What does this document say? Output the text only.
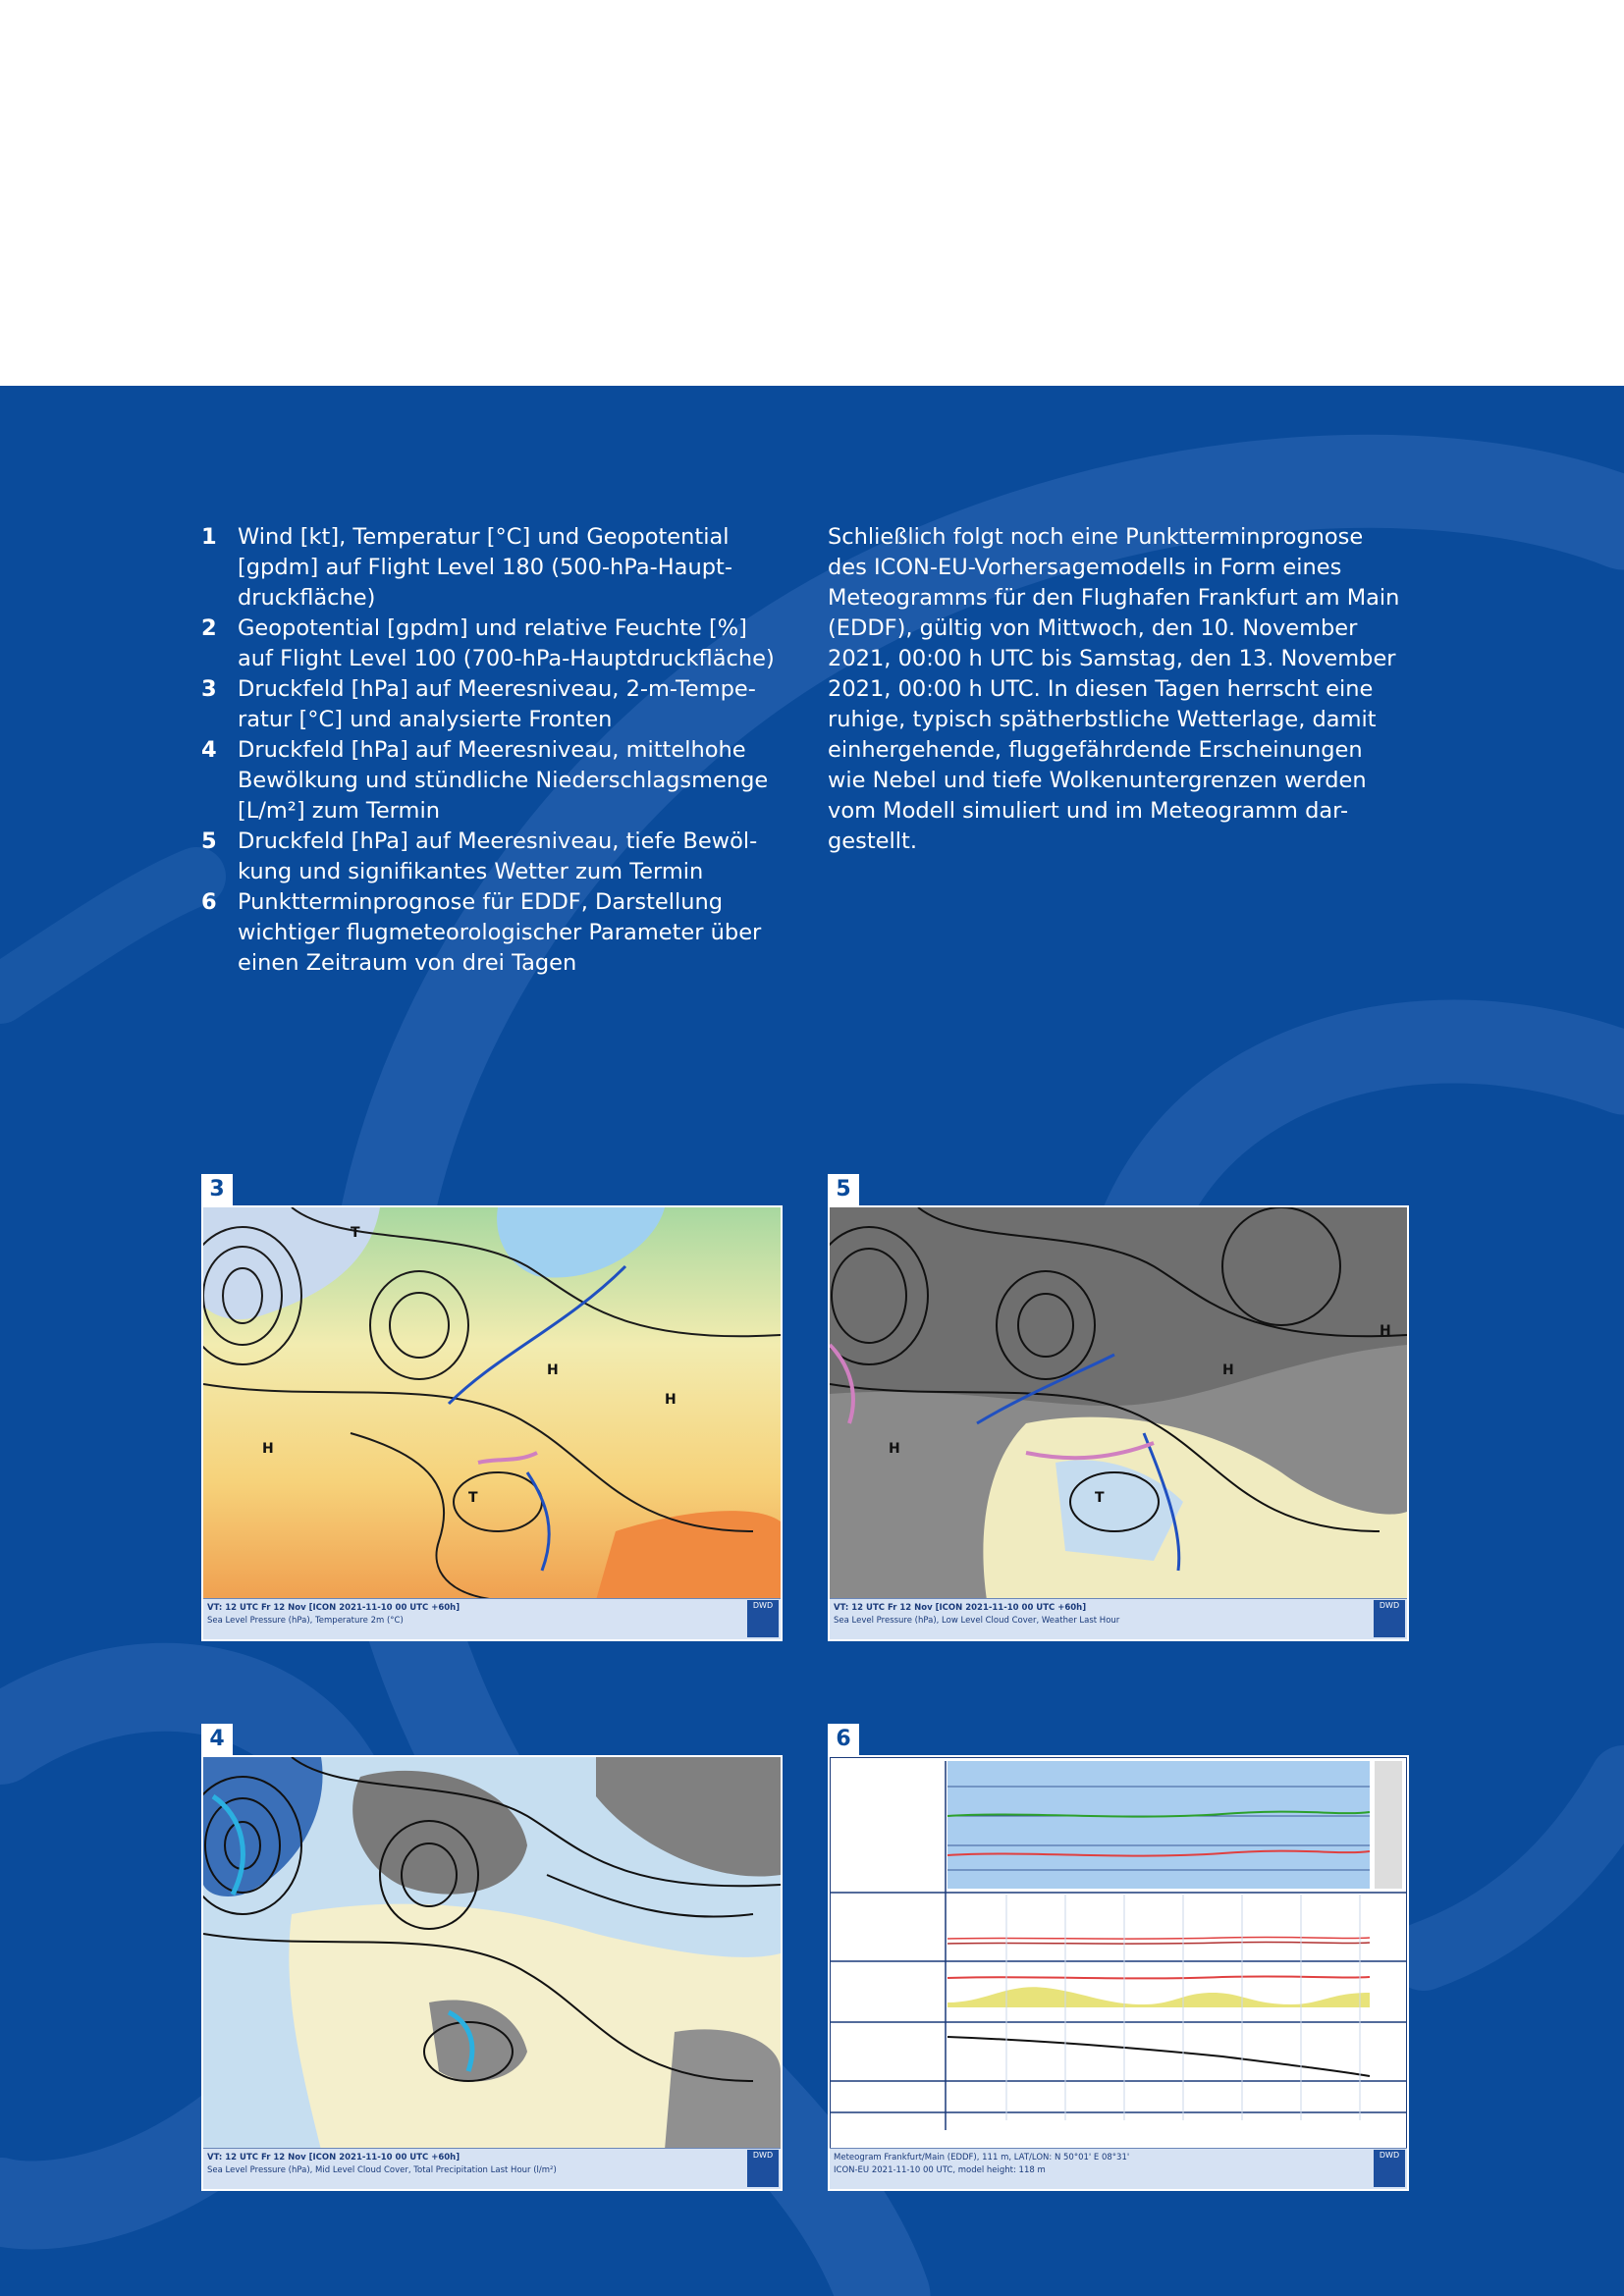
1 Wind [kt], Temperatur [°C] und Geopotential
[gpdm] auf Flight Level 180 (500-hPa-Haupt-
druckfläche)
2 Geopotential [gpdm] und relative Feuchte [%]
auf Flight Level 100 (700-hPa-Hauptdruckfläche)
3 Druckfeld [hPa] auf Meeresniveau, 2-m-Tempe-
ratur [°C] und analysierte Fronten
4 Druckfeld [hPa] auf Meeresniveau, mittelhohe
Bewölkung und stündliche Niederschlagsmenge
[L/m²] zum Termin
5 Druckfeld [hPa] auf Meeresniveau, tiefe Bewöl-
kung und signifikantes Wetter zum Termin
6 Punktterminprognose für EDDF, Darstellung
wichtiger flugmeteorologischer Parameter über
einen Zeitraum von drei Tagen
Schließlich folgt noch eine Punktterminprognose
des ICON-EU-Vorhersagemodells in Form eines
Meteogramms für den Flughafen Frankfurt am Main
(EDDF), gültig von Mittwoch, den 10. November
2021, 00:00 h UTC bis Samstag, den 13. November
2021, 00:00 h UTC. In diesen Tagen herrscht eine
ruhige, typisch spätherbstliche Wetterlage, damit
einhergehende, fluggefährdende Erscheinungen
wie Nebel und tiefe Wolkenuntergrenzen werden
vom Modell simuliert und im Meteogramm dar-
gestellt.
3
H
H
H
T
T
VT: 12 UTC Fr 12 Nov [ICON 2021-11-10 00 UTC +60h]
Sea Level Pressure (hPa), Temperature 2m (°C)
DWD
5
H
H
H
T
VT: 12 UTC Fr 12 Nov [ICON 2021-11-10 00 UTC +60h]
Sea Level Pressure (hPa), Low Level Cloud Cover, Weather Last Hour
DWD
4
VT: 12 UTC Fr 12 Nov [ICON 2021-11-10 00 UTC +60h]
Sea Level Pressure (hPa), Mid Level Cloud Cover, Total Precipitation Last Hour (l/m²)
DWD
6
Meteogram Frankfurt/Main (EDDF), 111 m, LAT/LON: N 50°01' E 08°31'
ICON-EU 2021-11-10 00 UTC, model height: 118 m
DWD
